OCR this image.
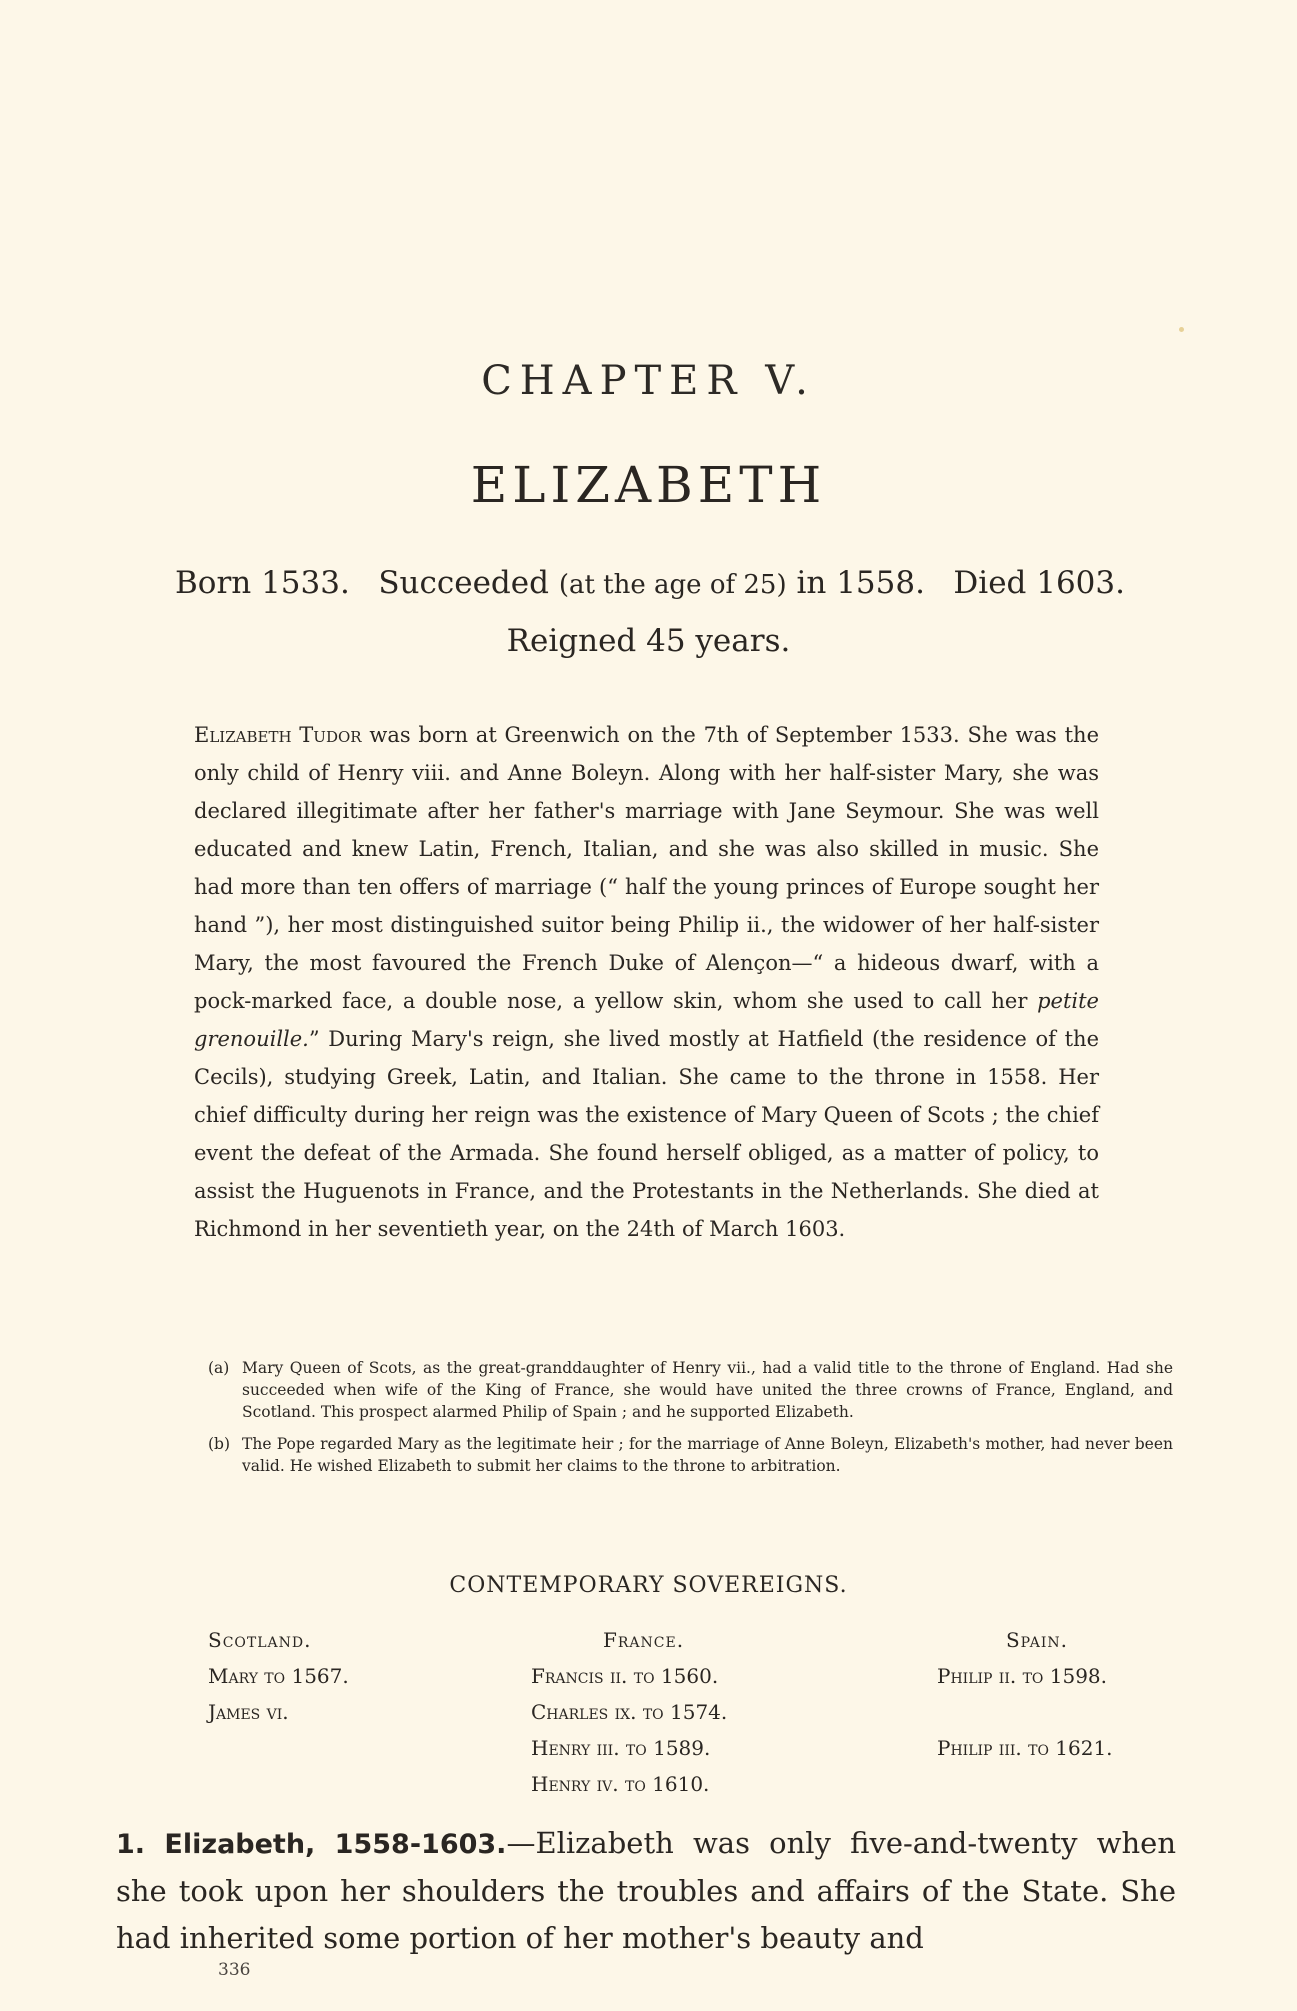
CHAPTER V.
ELIZABETH
Born 1533. Succeeded (at the age of 25) in 1558. Died 1603.
Reigned 45 years.
Elizabeth Tudor was born at Greenwich on the 7th of September 1533. She was the only child of Henry viii. and Anne Boleyn. Along with her half-sister Mary, she was declared illegitimate after her father's marriage with Jane Seymour. She was well educated and knew Latin, French, Italian, and she was also skilled in music. She had more than ten offers of marriage (“ half the young princes of Europe sought her hand ”), her most distinguished suitor being Philip ii., the widower of her half-sister Mary, the most favoured the French Duke of Alençon—“ a hideous dwarf, with a pock-marked face, a double nose, a yellow skin, whom she used to call her petite grenouille.” During Mary's reign, she lived mostly at Hatfield (the residence of the Cecils), studying Greek, Latin, and Italian. She came to the throne in 1558. Her chief difficulty during her reign was the existence of Mary Queen of Scots ; the chief event the defeat of the Armada. She found herself obliged, as a matter of policy, to assist the Huguenots in France, and the Protestants in the Netherlands. She died at Richmond in her seventieth year, on the 24th of March 1603.
(a) Mary Queen of Scots, as the great-granddaughter of Henry vii., had a valid title to the throne of England. Had she succeeded when wife of the King of France, she would have united the three crowns of France, England, and Scotland. This prospect alarmed Philip of Spain ; and he supported Elizabeth.
(b) The Pope regarded Mary as the legitimate heir ; for the marriage of Anne Boleyn, Elizabeth's mother, had never been valid. He wished Elizabeth to submit her claims to the throne to arbitration.
CONTEMPORARY SOVEREIGNS.
Scotland.
Mary to 1567.
James vi.
France.
Francis ii. to 1560.
Charles ix. to 1574.
Henry iii. to 1589.
Henry iv. to 1610.
Spain.
Philip ii. to 1598.
Philip iii. to 1621.
1. Elizabeth, 1558-1603.—Elizabeth was only five-and-twenty when she took upon her shoulders the troubles and affairs of the State. She had inherited some portion of her mother's beauty and
336
